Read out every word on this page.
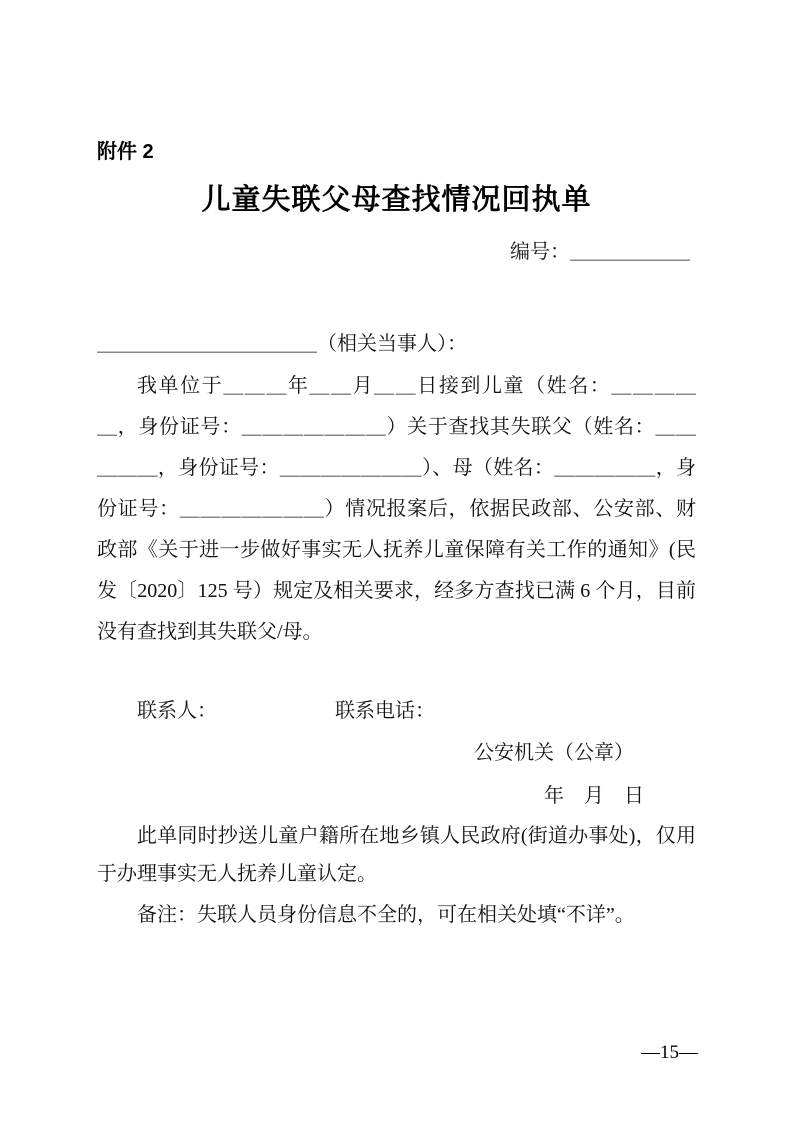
附件 2
儿童失联父母查找情况回执单
编号：＿＿＿＿＿＿
＿＿＿＿＿＿＿＿＿＿＿（相关当事人）：

我单位于＿＿＿年＿＿月＿＿日接到儿童（姓名：＿＿＿＿＿，身份证号：＿＿＿＿＿＿＿）关于查找其失联父（姓名：＿＿＿＿＿，身份证号：＿＿＿＿＿＿＿）、母（姓名：＿＿＿＿＿，身份证号：＿＿＿＿＿＿＿）情况报案后，依据民政部、公安部、财政部《关于进一步做好事实无人抚养儿童保障有关工作的通知》(民发〔2020〕125 号）规定及相关要求，经多方查找已满 6 个月，目前没有查找到其失联父/母。

联系人：	联系电话：
公安机关（公章）
年　月　日

此单同时抄送儿童户籍所在地乡镇人民政府(街道办事处)，仅用于办理事实无人抚养儿童认定。

备注：失联人员身份信息不全的，可在相关处填“不详”。

—15—
